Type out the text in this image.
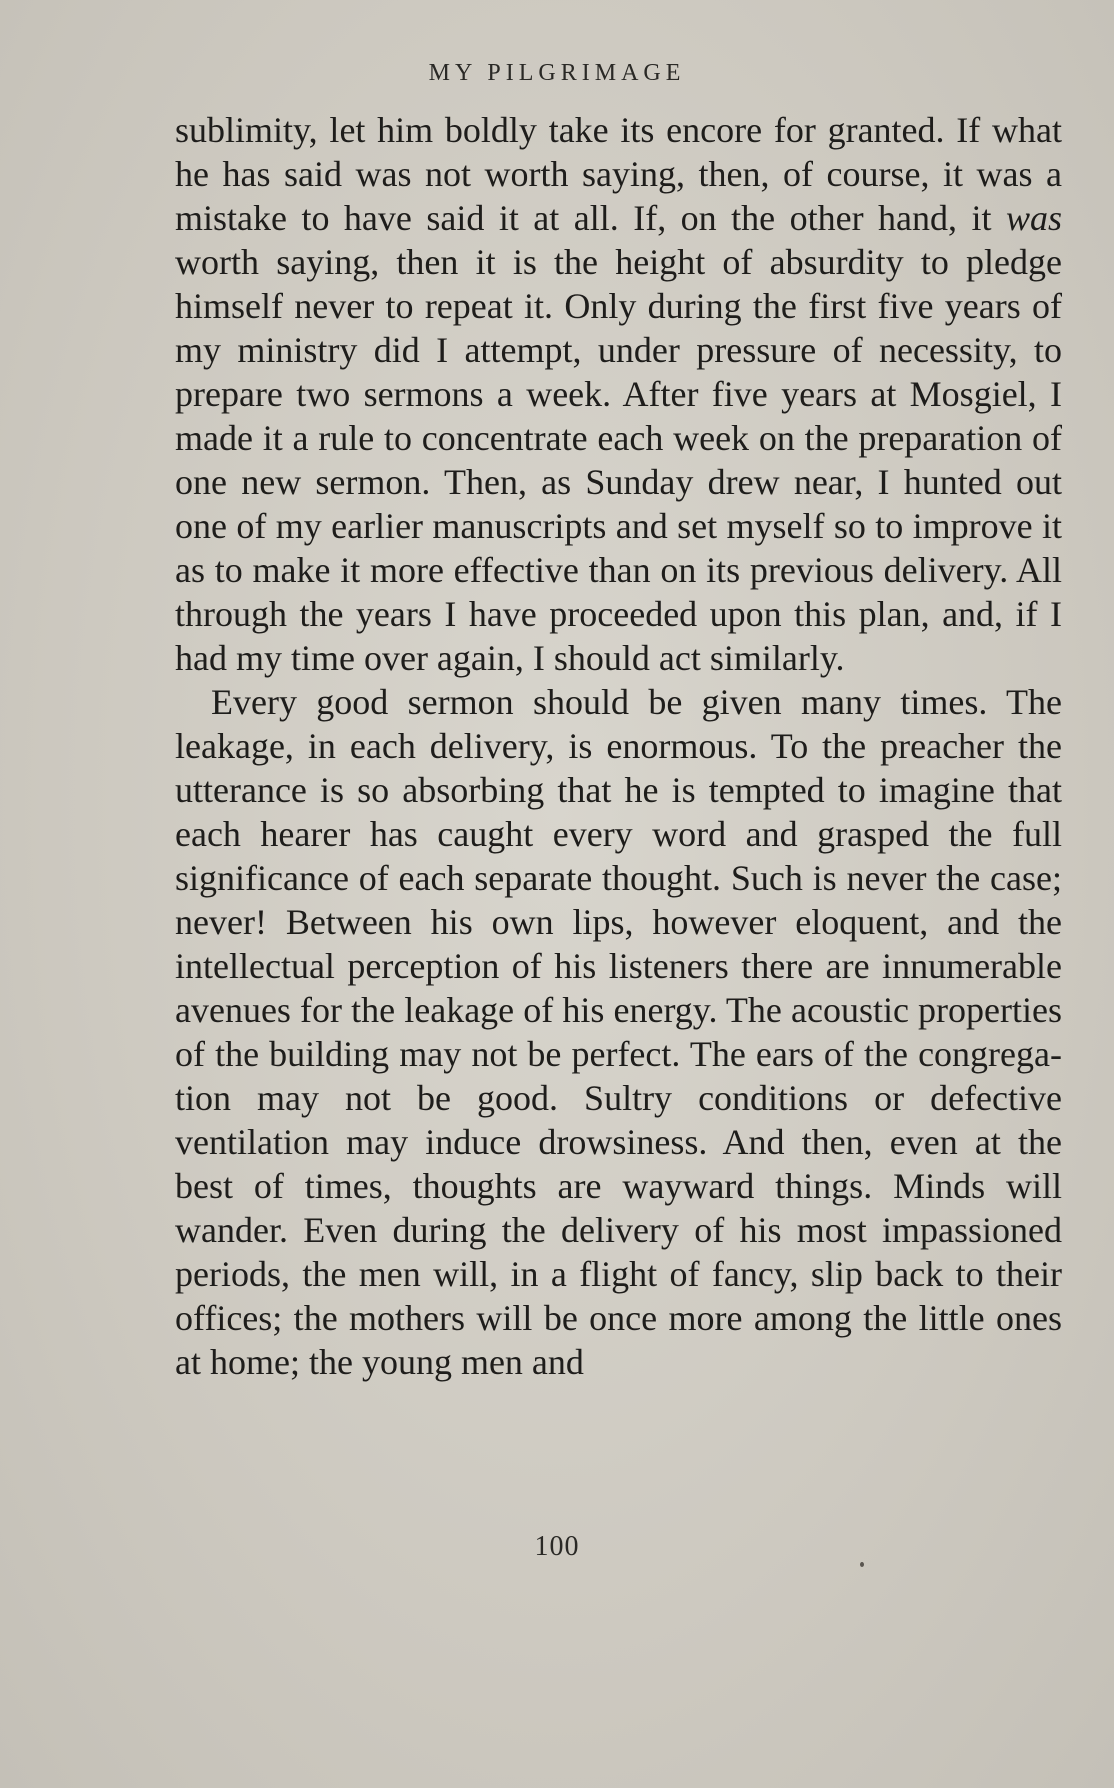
MY PILGRIMAGE

sublimity, let him boldly take its encore for granted. If what he has said was not worth saying, then, of course, it was a mistake to have said it at all. If, on the other hand, it was worth saying, then it is the height of absurdity to pledge himself never to repeat it. Only during the first five years of my ministry did I attempt, under pressure of necessity, to prepare two sermons a week. After five years at Mosgiel, I made it a rule to concentrate each week on the preparation of one new sermon. Then, as Sunday drew near, I hunted out one of my earlier manuscripts and set myself so to improve it as to make it more effective than on its previous delivery. All through the years I have proceeded upon this plan, and, if I had my time over again, I should act similarly.

Every good sermon should be given many times. The leakage, in each delivery, is enormous. To the preacher the utterance is so absorbing that he is tempted to imagine that each hearer has caught every word and grasped the full significance of each separate thought. Such is never the case; never! Between his own lips, however eloquent, and the intellectual perception of his listeners there are innumerable avenues for the leakage of his energy. The acoustic properties of the building may not be perfect. The ears of the congrega-tion may not be good. Sultry conditions or defective ventilation may induce drowsiness. And then, even at the best of times, thoughts are wayward things. Minds will wander. Even during the delivery of his most impassioned periods, the men will, in a flight of fancy, slip back to their offices; the mothers will be once more among the little ones at home; the young men and

100
